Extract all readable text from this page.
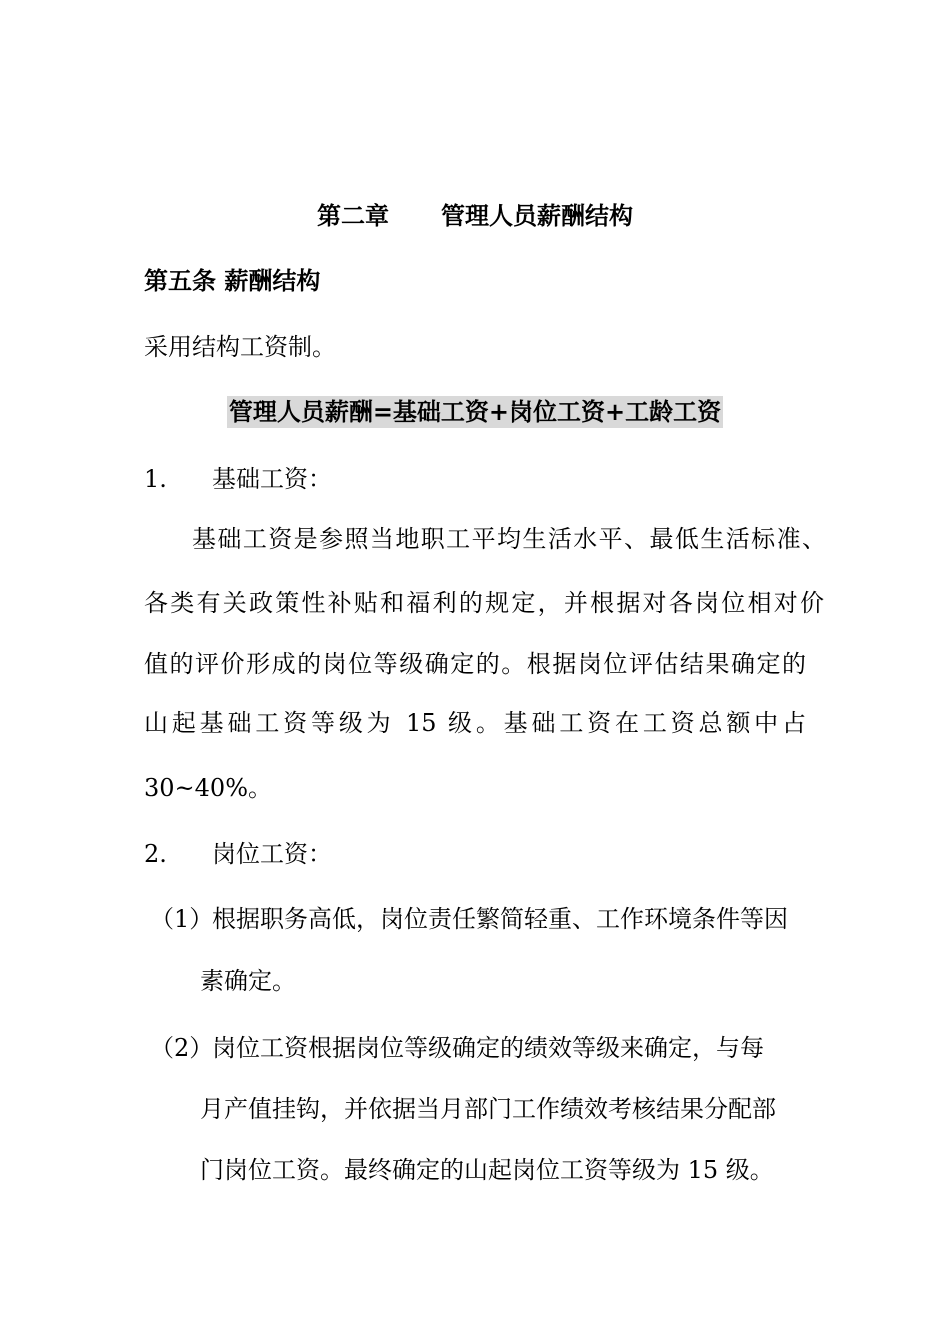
第二章 管理人员薪酬结构
第五条 薪酬结构
采用结构工资制。
管理人员薪酬=基础工资+岗位工资+工龄工资
1. 基础工资：
基础工资是参照当地职工平均生活水平、最低生活标准、
各类有关政策性补贴和福利的规定，并根据对各岗位相对价
值的评价形成的岗位等级确定的。根据岗位评估结果确定的
山起基础工资等级为 15 级。基础工资在工资总额中占
30~40%。
2. 岗位工资：
（1）根据职务高低，岗位责任繁简轻重、工作环境条件等因
素确定。
（2）岗位工资根据岗位等级确定的绩效等级来确定，与每
月产值挂钩，并依据当月部门工作绩效考核结果分配部
门岗位工资。最终确定的山起岗位工资等级为 15 级。
